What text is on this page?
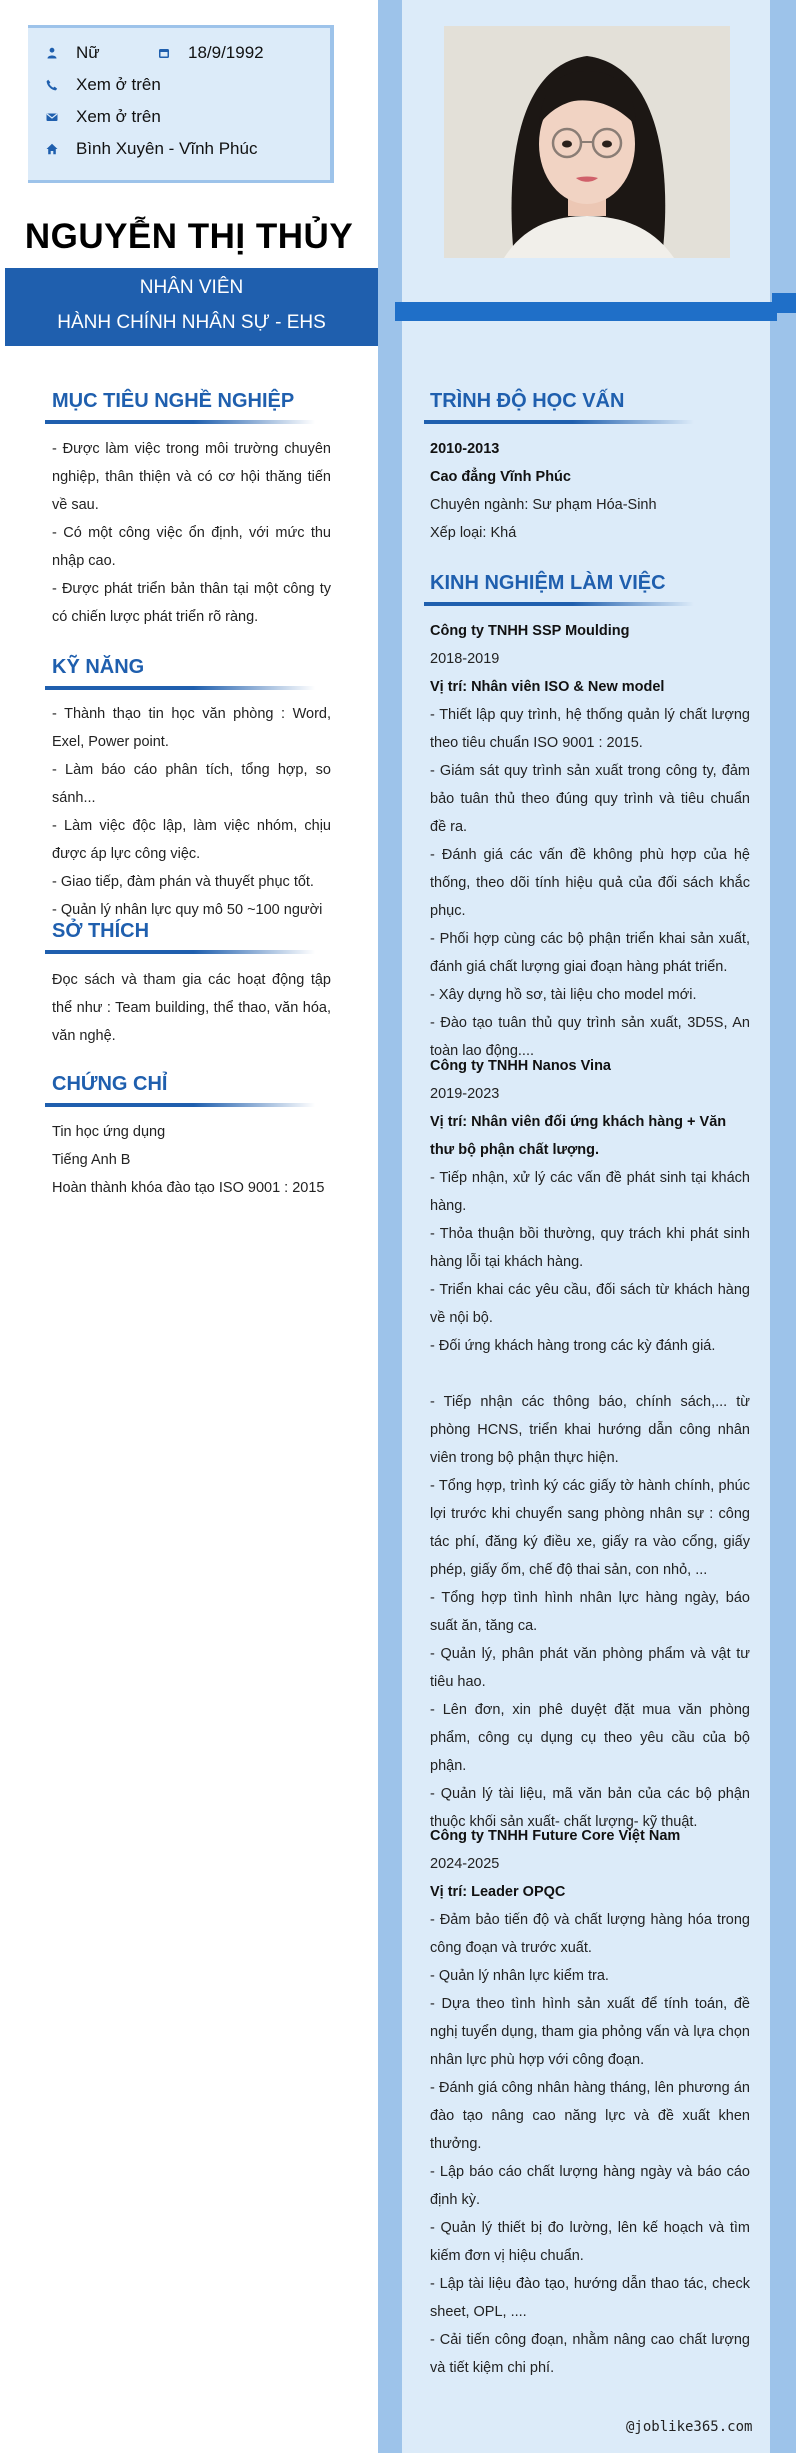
Nữ	18/9/1992
Xem ở trên
Xem ở trên
Bình Xuyên - Vĩnh Phúc
NGUYỄN THỊ THỦY
NHÂN VIÊN
HÀNH CHÍNH NHÂN SỰ - EHS
MỤC TIÊU NGHỀ NGHIỆP

- Được làm việc trong môi trường chuyên nghiệp, thân thiện và có cơ hội thăng tiến về sau.

- Có một công việc ổn định, với mức thu nhập cao.

- Được phát triển bản thân tại một công ty có chiến lược phát triển rõ ràng.

KỸ NĂNG

- Thành thạo tin học văn phòng : Word, Exel, Power point.

- Làm báo cáo phân tích, tổng hợp, so sánh...

- Làm việc độc lập, làm việc nhóm, chịu được áp lực công việc.

- Giao tiếp, đàm phán và thuyết phục tốt.

- Quản lý nhân lực quy mô 50 ~100 người

SỞ THÍCH
Đọc sách và tham gia các hoạt động tập thể như : Team building, thể thao, văn hóa, văn nghệ.
CHỨNG CHỈ
Tin học ứng dụng
Tiếng Anh B
Hoàn thành khóa đào tạo ISO 9001 : 2015
TRÌNH ĐỘ HỌC VẤN
2010-2013
Cao đẳng Vĩnh Phúc
Chuyên ngành: Sư phạm Hóa-Sinh
Xếp loại: Khá
KINH NGHIỆM LÀM VIỆC
Công ty TNHH SSP Moulding
2018-2019
Vị trí: Nhân viên ISO & New model
- Thiết lập quy trình, hệ thống quản lý chất lượng theo tiêu chuẩn ISO 9001 : 2015.
- Giám sát quy trình sản xuất trong công ty, đảm bảo tuân thủ theo đúng quy trình và tiêu chuẩn đề ra.
- Đánh giá các vấn đề không phù hợp của hệ thống, theo dõi tính hiệu quả của đối sách khắc phục.
- Phối hợp cùng các bộ phận triển khai sản xuất, đánh giá chất lượng giai đoạn hàng phát triển.
- Xây dựng hồ sơ, tài liệu cho model mới.
- Đào tạo tuân thủ quy trình sản xuất, 3D5S, An toàn lao động....
Công ty TNHH Nanos Vina
2019-2023
Vị trí: Nhân viên đối ứng khách hàng + Văn thư bộ phận chất lượng.
- Tiếp nhận, xử lý các vấn đề phát sinh tại khách hàng.
- Thỏa thuận bồi thường, quy trách khi phát sinh hàng lỗi tại khách hàng.
- Triển khai các yêu cầu, đối sách từ khách hàng về nội bộ.
- Đối ứng khách hàng trong các kỳ đánh giá.
- Tiếp nhận các thông báo, chính sách,... từ phòng HCNS, triển khai hướng dẫn công nhân viên trong bộ phận thực hiện.
- Tổng hợp, trình ký các giấy tờ hành chính, phúc lợi trước khi chuyển sang phòng nhân sự : công tác phí, đăng ký điều xe, giấy ra vào cổng, giấy phép, giấy ốm, chế độ thai sản, con nhỏ, ...
- Tổng hợp tình hình nhân lực hàng ngày, báo suất ăn, tăng ca.
- Quản lý, phân phát văn phòng phẩm và vật tư tiêu hao.
- Lên đơn, xin phê duyệt đặt mua văn phòng phẩm, công cụ dụng cụ theo yêu cầu của bộ phận.
- Quản lý tài liệu, mã văn bản của các bộ phận thuộc khối sản xuất- chất lượng- kỹ thuật.
Công ty TNHH Future Core Việt Nam
2024-2025
Vị trí: Leader OPQC
- Đảm bảo tiến độ và chất lượng hàng hóa trong công đoạn và trước xuất.
- Quản lý nhân lực kiểm tra.
- Dựa theo tình hình sản xuất để tính toán, đề nghị tuyển dụng, tham gia phỏng vấn và lựa chọn nhân lực phù hợp với công đoạn.
- Đánh giá công nhân hàng tháng, lên phương án đào tạo nâng cao năng lực và đề xuất khen thưởng.
- Lập báo cáo chất lượng hàng ngày và báo cáo định kỳ.
- Quản lý thiết bị đo lường, lên kế hoạch và tìm kiếm đơn vị hiệu chuẩn.
- Lập tài liệu đào tạo, hướng dẫn thao tác, check sheet, OPL, ....
- Cải tiến công đoạn, nhằm nâng cao chất lượng và tiết kiệm chi phí.
@joblike365.com
